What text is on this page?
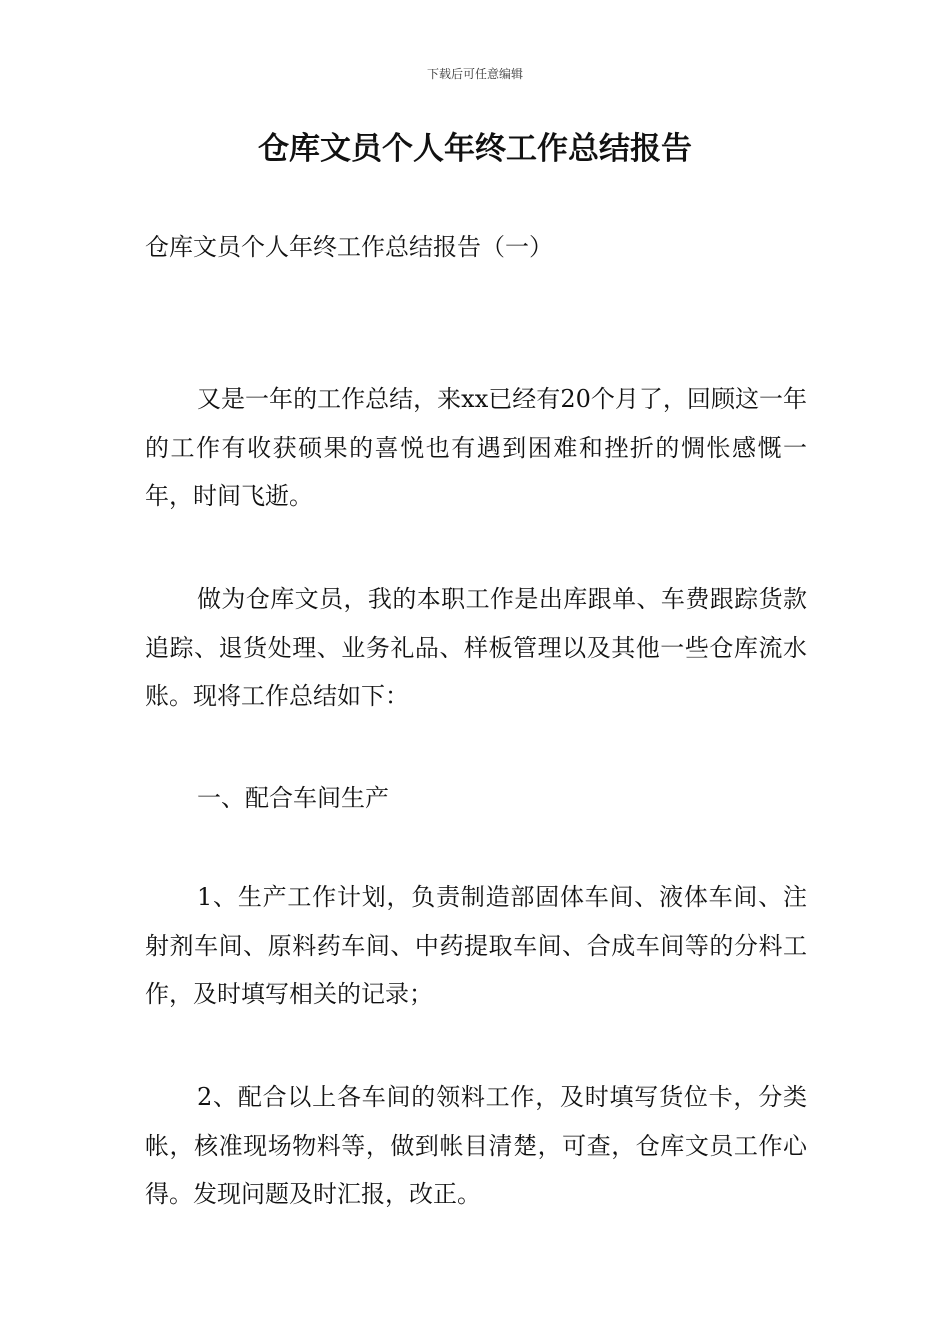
下载后可任意编辑
仓库文员个人年终工作总结报告

仓库文员个人年终工作总结报告（一）

又是一年的工作总结，来xx已经有20个月了，回顾这一年的工作有收获硕果的喜悦也有遇到困难和挫折的惆怅感慨一年，时间飞逝。

做为仓库文员，我的本职工作是出库跟单、车费跟踪货款追踪、退货处理、业务礼品、样板管理以及其他一些仓库流水账。现将工作总结如下：

一、配合车间生产

1、生产工作计划，负责制造部固体车间、液体车间、注射剂车间、原料药车间、中药提取车间、合成车间等的分料工作，及时填写相关的记录；

2、配合以上各车间的领料工作，及时填写货位卡，分类帐，核准现场物料等，做到帐目清楚，可查，仓库文员工作心得。发现问题及时汇报，改正。
